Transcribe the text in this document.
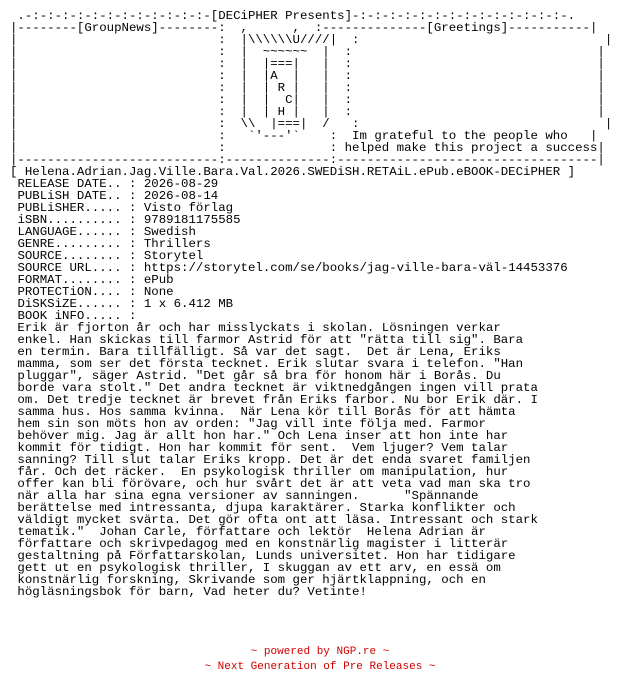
.-:-:-:-:-:-:-:-:-:-:-:-:-[DECiPHER Presents]-:-:-:-:-:-:-:-:-:-:-:-:-:-:-.
|--------[GroupNews]--------:  ,      ,  :--------------[Greetings]-----------|
|                           :  |\\\\\\U////|  :                                 |
|                           :  |  ~~~~~~  |  :                                 |
|                           :  |  |===|   |  :                                 |
|                           :  |  |A  |   |  :                                 |
|                           :  |  | R |   |  :                                 |
|                           :  |  |  C|   |  :                                 |
|                           :  |  | H |   |  :                                 |
|                           :  \\  |===|  /   :                                 |
|                           :   `'---'`    :  Im grateful to the people who   |
|                           :              : helped make this project a success|
|---------------------------:--------------:-----------------------------------|
[ Helena.Adrian.Jag.Ville.Bara.Val.2026.SWEDiSH.RETAiL.ePub.eBOOK-DECiPHER ]
RELEASE DATE.. : 2026-08-29
PUBLiSH DATE.. : 2026-08-14
PUBLiSHER..... : Visto förlag
iSBN.......... : 9789181175585
LANGUAGE...... : Swedish
GENRE......... : Thrillers
SOURCE........ : Storytel
SOURCE URL.... : https://storytel.com/se/books/jag-ville-bara-väl-14453376
FORMAT........ : ePub
PROTECTiON.... : None
DiSKSiZE...... : 1 x 6.412 MB
BOOK iNFO..... :
Erik är fjorton år och har misslyckats i skolan. Lösningen verkar
enkel. Han skickas till farmor Astrid för att "rätta till sig". Bara
en termin. Bara tillfälligt. Så var det sagt.  Det är Lena, Eriks
mamma, som ser det första tecknet. Erik slutar svara i telefon. "Han
pluggar", säger Astrid. "Det går så bra för honom här i Borås. Du
borde vara stolt." Det andra tecknet är viktnedgången ingen vill prata
om. Det tredje tecknet är brevet från Eriks farbor. Nu bor Erik där. I
samma hus. Hos samma kvinna.  När Lena kör till Borås för att hämta
hem sin son möts hon av orden: "Jag vill inte följa med. Farmor
behöver mig. Jag är allt hon har." Och Lena inser att hon inte har
kommit för tidigt. Hon har kommit för sent.  Vem ljuger? Vem talar
sanning? Till slut talar Eriks kropp. Det är det enda svaret familjen
får. Och det räcker.  En psykologisk thriller om manipulation, hur
offer kan bli förövare, och hur svårt det är att veta vad man ska tro
när alla har sina egna versioner av sanningen.      "Spännande
berättelse med intressanta, djupa karaktärer. Starka konflikter och
väldigt mycket svärta. Det gör ofta ont att läsa. Intressant och stark
tematik."  Johan Carle, författare och lektör  Helena Adrian är
författare och skrivpedagog med en konstnärlig magister i litterär
gestaltning på Författarskolan, Lunds universitet. Hon har tidigare
gett ut en psykologisk thriller, I skuggan av ett arv, en essä om
konstnärlig forskning, Skrivande som ger hjärtklappning, och en
högläsningsbok för barn, Vad heter du? Vetinte!
~ powered by NGP.re ~
~ Next Generation of Pre Releases ~
